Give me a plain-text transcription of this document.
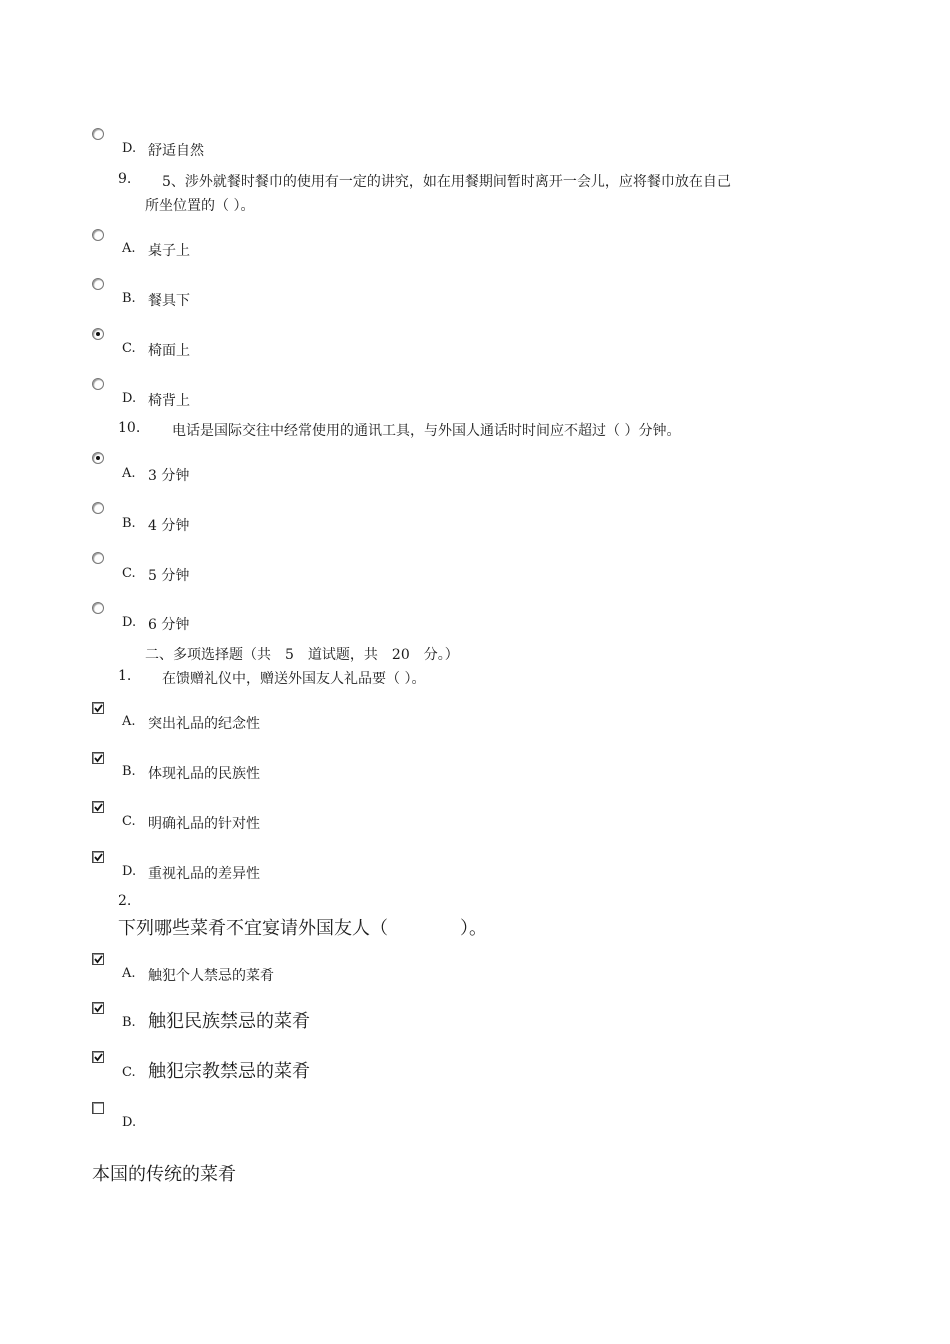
D. 舒适自然
9. 5、涉外就餐时餐巾的使用有一定的讲究，如在用餐期间暂时离开一会儿，应将餐巾放在自己
所坐位置的（ ）。
A. 桌子上
B. 餐具下
C. 椅面上
D. 椅背上
10. 电话是国际交往中经常使用的通讯工具，与外国人通话时时间应不超过（ ）分钟。
A. 3 分钟
B. 4 分钟
C. 5 分钟
D. 6 分钟
二、多项选择题（共　5　道试题，共　20　分。）
1. 在馈赠礼仪中，赠送外国友人礼品要（ ）。
A. 突出礼品的纪念性
B. 体现礼品的民族性
C. 明确礼品的针对性
D. 重视礼品的差异性
2.
下列哪些菜肴不宜宴请外国友人（　　　　）。
A. 触犯个人禁忌的菜肴
B. 触犯民族禁忌的菜肴
C. 触犯宗教禁忌的菜肴
D.
本国的传统的菜肴
